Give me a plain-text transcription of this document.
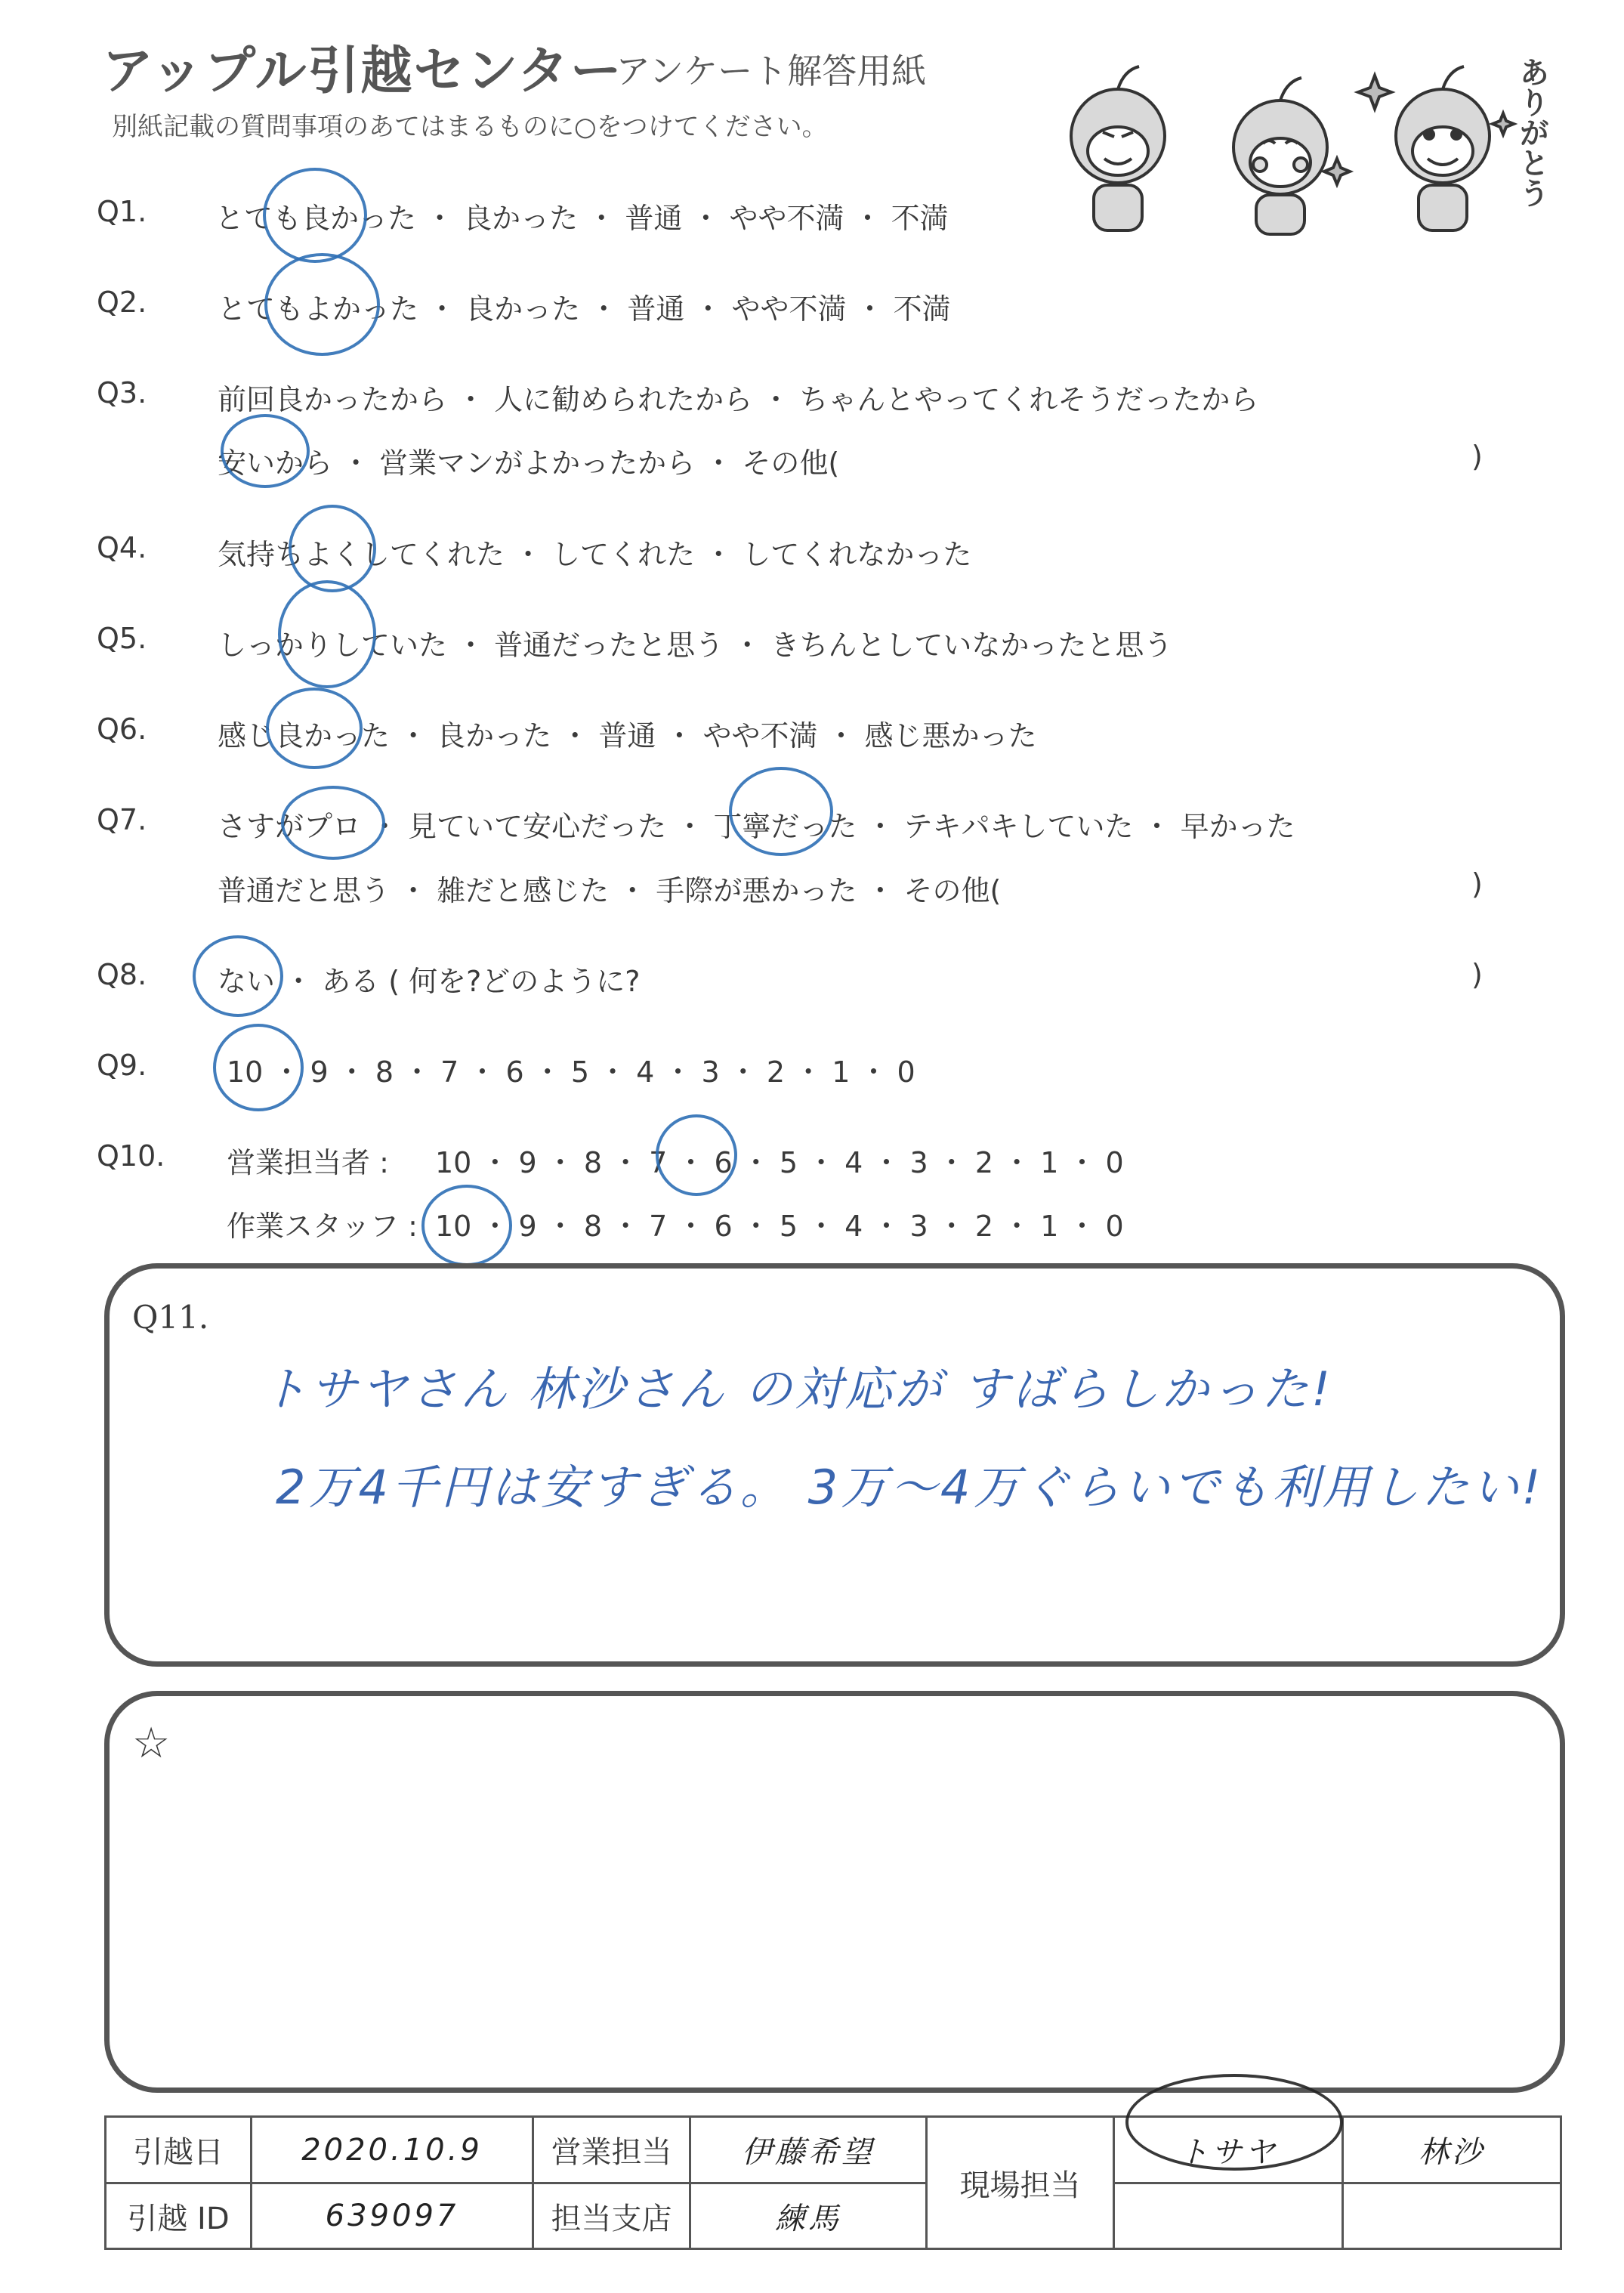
アップル引越センター
アンケート解答用紙
別紙記載の質問事項のあてはまるものに○をつけてください。	ありがとう
Q1. とても良かった ・ 良かった ・ 普通 ・ やや不満 ・ 不満
Q2. とてもよかった ・ 良かった ・ 普通 ・ やや不満 ・ 不満
Q3. 前回良かったから ・ 人に勧められたから ・ ちゃんとやってくれそうだったから
安いから ・ 営業マンがよかったから ・ その他(	)
Q4. 気持ちよくしてくれた ・ してくれた ・ してくれなかった
Q5. しっかりしていた ・ 普通だったと思う ・ きちんとしていなかったと思う
Q6. 感じ良かった ・ 良かった ・ 普通 ・ やや不満 ・ 感じ悪かった
Q7. さすがプロ ・ 見ていて安心だった ・ 丁寧だった ・ テキパキしていた ・ 早かった
普通だと思う ・ 雑だと感じた ・ 手際が悪かった ・ その他(	)
Q8. ない ・ ある ( 何を?どのように?	)
Q9.	10 ・ 9 ・ 8 ・ 7 ・ 6 ・ 5 ・ 4 ・ 3 ・ 2 ・ 1 ・ 0
Q10. 営業担当者 : 10 ・ 9 ・ 8 ・ 7 ・ 6 ・ 5 ・ 4 ・ 3 ・ 2 ・ 1 ・ 0
作業スタッフ : 10 ・ 9 ・ 8 ・ 7 ・ 6 ・ 5 ・ 4 ・ 3 ・ 2 ・ 1 ・ 0
Q11.
トサヤさん 林沙さん の対応が すばらしかった!
2万4千円は安すぎる。 3万〜4万ぐらいでも利用したい!
☆
引越日	2020.10.9	営業担当	伊藤希望	現場担当	トサヤ	林沙
引越 ID	639097	担当支店	練馬			
